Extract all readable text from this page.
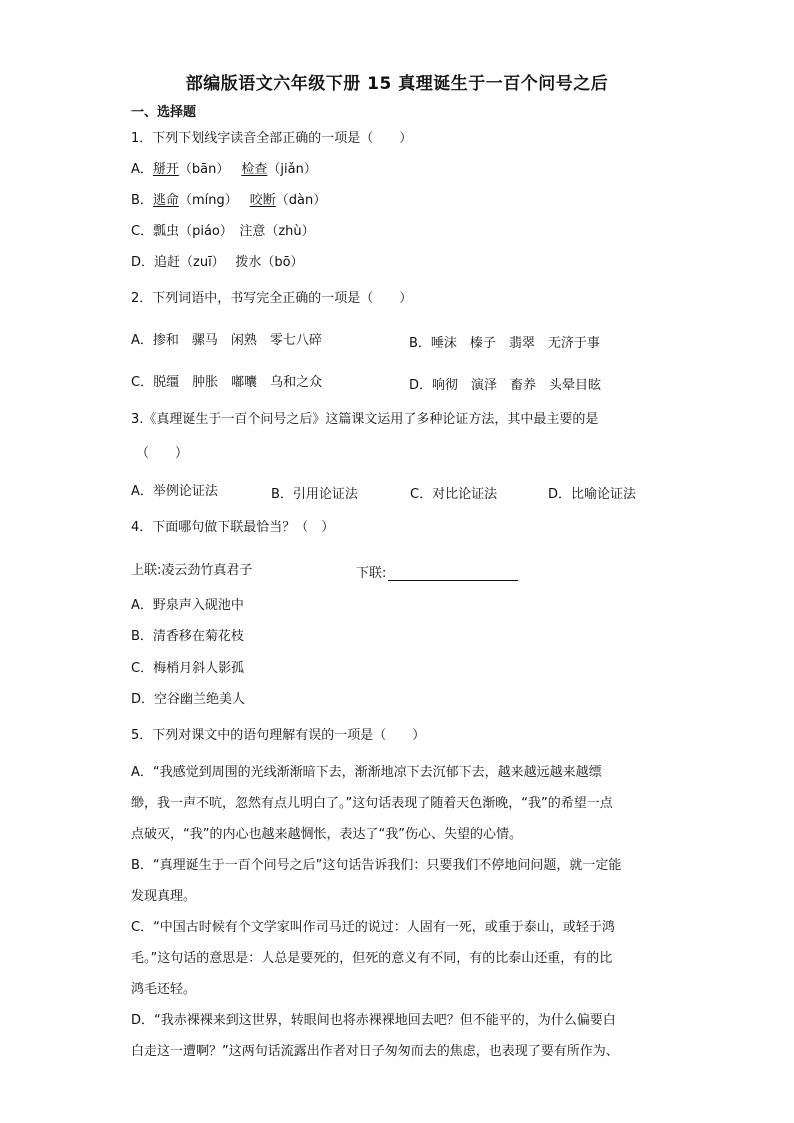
部编版语文六年级下册 15 真理诞生于一百个问号之后
一、选择题
1．下列下划线字读音全部正确的一项是（　　）
A．掰开（bān） 检查（jiǎn）
B．逃命（míng） 咬断（dàn）
C．瓢虫（piáo）　注意（zhù）
D．追赶（zuī）　 拨水（bō）
2．下列词语中，书写完全正确的一项是（　　）
A．掺和　骡马　闲熟　零七八碎	B．唾沫　榛子　翡翠　无济于事
C．脱缰　肿胀　嘟囔　乌和之众	D．响彻　演泽　畜养　头晕目眩
3.《真理诞生于一百个问号之后》这篇课文运用了多种论证方法，其中最主要的是
（　　）
A．举例论证法	B．引用论证法	C．对比论证法	D．比喻论证法
4．下面哪句做下联最恰当？（　）
上联:凌云劲竹真君子	下联:
A．野泉声入砚池中
B．清香移在菊花枝
C．梅梢月斜人影孤
D．空谷幽兰绝美人
5．下列对课文中的语句理解有误的一项是（　　）
A．“我感觉到周围的光线渐渐暗下去，渐渐地凉下去沉郁下去，越来越远越来越缥
缈，我一声不吭，忽然有点儿明白了。”这句话表现了随着天色渐晚，“我”的希望一点
点破灭，“我”的内心也越来越惆怅，表达了“我”伤心、失望的心情。
B．“真理诞生于一百个问号之后”这句话告诉我们：只要我们不停地问问题，就一定能
发现真理。
C．“中国古时候有个文学家叫作司马迁的说过：人固有一死，或重于泰山，或轻于鸿
毛。”这句话的意思是：人总是要死的，但死的意义有不同，有的比泰山还重，有的比
鸿毛还轻。
D．“我赤裸裸来到这世界，转眼间也将赤裸裸地回去吧？但不能平的，为什么偏要白
白走这一遭啊？”这两句话流露出作者对日子匆匆而去的焦虑，也表现了要有所作为、
